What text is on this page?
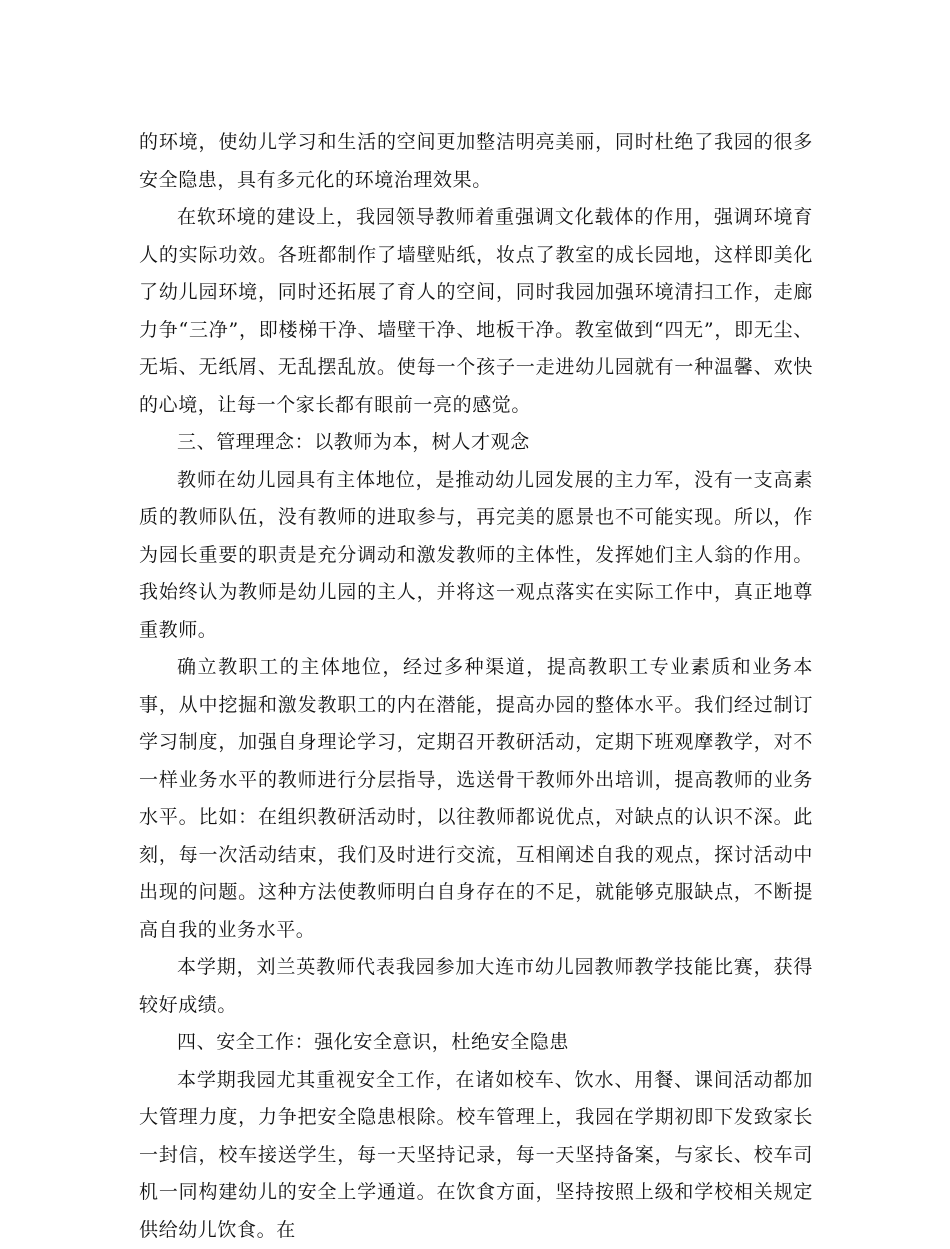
的环境，使幼儿学习和生活的空间更加整洁明亮美丽，同时杜绝了我园的很多安全隐患，具有多元化的环境治理效果。

在软环境的建设上，我园领导教师着重强调文化载体的作用，强调环境育人的实际功效。各班都制作了墙壁贴纸，妆点了教室的成长园地，这样即美化了幼儿园环境，同时还拓展了育人的空间，同时我园加强环境清扫工作，走廊力争“三净”，即楼梯干净、墙壁干净、地板干净。教室做到“四无”，即无尘、无垢、无纸屑、无乱摆乱放。使每一个孩子一走进幼儿园就有一种温馨、欢快的心境，让每一个家长都有眼前一亮的感觉。

三、管理理念：以教师为本，树人才观念

教师在幼儿园具有主体地位，是推动幼儿园发展的主力军，没有一支高素质的教师队伍，没有教师的进取参与，再完美的愿景也不可能实现。所以，作为园长重要的职责是充分调动和激发教师的主体性，发挥她们主人翁的作用。我始终认为教师是幼儿园的主人，并将这一观点落实在实际工作中，真正地尊重教师。

确立教职工的主体地位，经过多种渠道，提高教职工专业素质和业务本事，从中挖掘和激发教职工的内在潜能，提高办园的整体水平。我们经过制订学习制度，加强自身理论学习，定期召开教研活动，定期下班观摩教学，对不一样业务水平的教师进行分层指导，选送骨干教师外出培训，提高教师的业务水平。比如：在组织教研活动时，以往教师都说优点，对缺点的认识不深。此刻，每一次活动结束，我们及时进行交流，互相阐述自我的观点，探讨活动中出现的问题。这种方法使教师明白自身存在的不足，就能够克服缺点，不断提高自我的业务水平。

本学期，刘兰英教师代表我园参加大连市幼儿园教师教学技能比赛，获得较好成绩。

四、安全工作：强化安全意识，杜绝安全隐患

本学期我园尤其重视安全工作，在诸如校车、饮水、用餐、课间活动都加大管理力度，力争把安全隐患根除。校车管理上，我园在学期初即下发致家长一封信，校车接送学生，每一天坚持记录，每一天坚持备案，与家长、校车司机一同构建幼儿的安全上学通道。在饮食方面，坚持按照上级和学校相关规定供给幼儿饮食。在
